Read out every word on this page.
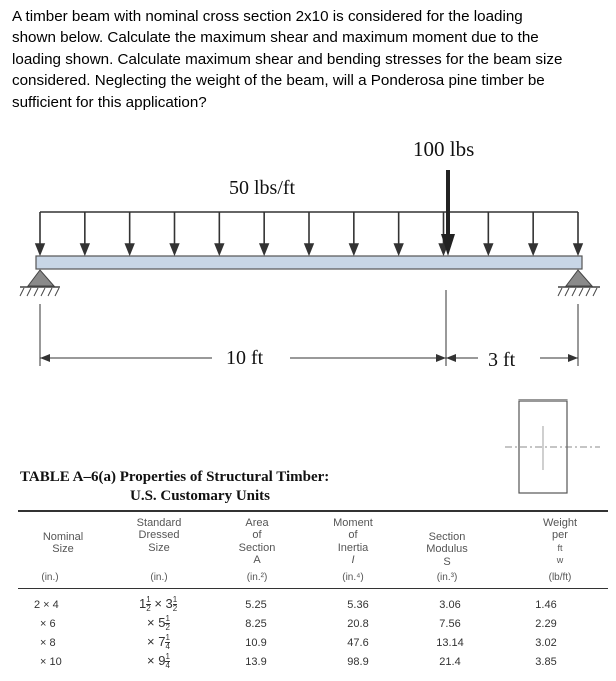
A timber beam with nominal cross section 2x10 is considered for the loading
shown below. Calculate the maximum shear and maximum moment due to the
loading shown. Calculate maximum shear and bending stresses for the beam size
considered. Neglecting the weight of the beam, will a Ponderosa pine timber be
sufficient for this application?
100 lbs
50 lbs/ft
10 ft	3 ft
TABLE A–6(a) Properties of Structural Timber:
U.S. Customary Units
Nominal
Size
Standard
Dressed
Size
Area
of
Section
A
Moment
of
Inertia
I
Section
Modulus
S
Weight
per
ft
w
(in.)	(in.)	(in.²)	(in.⁴)	(in.³)	(lb/ft)
2 × 4	$1 \frac{1}{2} \times 3 \frac{1}{2}$	5.25	5.36	3.06	1.46
× 6	× $5 \frac{1}{2}$	8.25	20.8	7.56	2.29
× 8	× $7 \frac{1}{4}$	10.9	47.6	13.14	3.02
× 10	× $9 \frac{1}{4}$	13.9	98.9	21.4	3.85
